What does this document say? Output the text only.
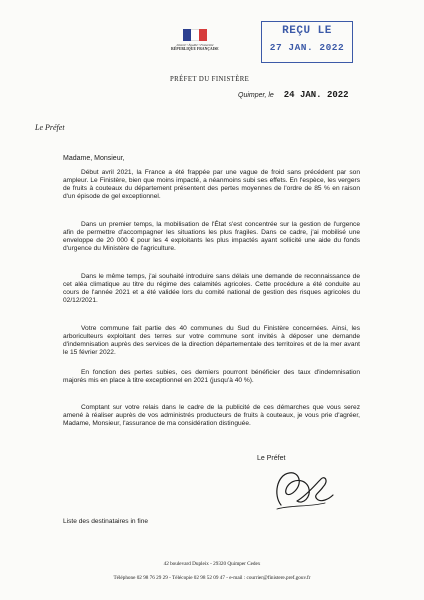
Liberté • Égalité • Fraternité
RÉPUBLIQUE FRANÇAISE
PRÉFET DU FINISTÈRE
REÇU LE
27 JAN. 2022
Quimper, le 24 JAN. 2022
Le Préfet
Madame, Monsieur,

Début avril 2021, la France a été frappée par une vague de froid sans précédent par son ampleur. Le Finistère, bien que moins impacté, a néanmoins subi ses effets. En l'espèce, les vergers de fruits à couteaux du département présentent des pertes moyennes de l'ordre de 85 % en raison d'un épisode de gel exceptionnel.

Dans un premier temps, la mobilisation de l'État s'est concentrée sur la gestion de l'urgence afin de permettre d'accompagner les situations les plus fragiles. Dans ce cadre, j'ai mobilisé une enveloppe de 20 000 € pour les 4 exploitants les plus impactés ayant sollicité une aide du fonds d'urgence du Ministère de l'agriculture.

Dans le même temps, j'ai souhaité introduire sans délais une demande de reconnaissance de cet aléa climatique au titre du régime des calamités agricoles. Cette procédure a été conduite au cours de l'année 2021 et a été validée lors du comité national de gestion des risques agricoles du 02/12/2021.

Votre commune fait partie des 40 communes du Sud du Finistère concernées. Ainsi, les arboriculteurs exploitant des terres sur votre commune sont invités à déposer une demande d'indemnisation auprès des services de la direction départementale des territoires et de la mer avant le 15 février 2022.

En fonction des pertes subies, ces derniers pourront bénéficier des taux d'indemnisation majorés mis en place à titre exceptionnel en 2021 (jusqu'à 40 %).

Comptant sur votre relais dans le cadre de la publicité de ces démarches que vous serez amené à réaliser auprès de vos administrés producteurs de fruits à couteaux, je vous prie d'agréer, Madame, Monsieur, l'assurance de ma considération distinguée.

Le Préfet
Liste des destinataires in fine
42 boulevard Dupleix - 29320 Quimper Cedex
Téléphone 02 98 76 29 29 - Télécopie 02 98 52 09 47 - e-mail : courrier@finistere.pref.gouv.fr
